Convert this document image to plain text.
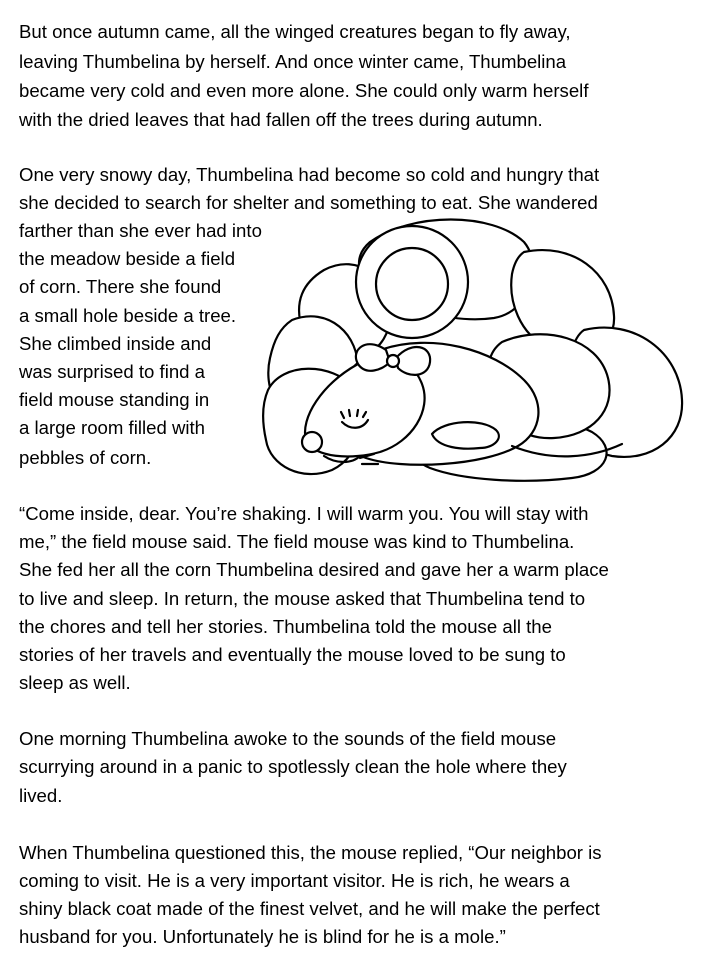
But once autumn came, all the winged creatures began to fly away,

leaving Thumbelina by herself. And once winter came, Thumbelina

became very cold and even more alone. She could only warm herself

with the dried leaves that had fallen off the trees during autumn.

One very snowy day, Thumbelina had become so cold and hungry that

she decided to search for shelter and something to eat. She wandered

farther than she ever had into

the meadow beside a field

of corn. There she found

a small hole beside a tree.

She climbed inside and

was surprised to find a

field mouse standing in

a large room filled with

pebbles of corn.

“Come inside, dear. You’re shaking. I will warm you. You will stay with

me,” the field mouse said. The field mouse was kind to Thumbelina.

She fed her all the corn Thumbelina desired and gave her a warm place

to live and sleep. In return, the mouse asked that Thumbelina tend to

the chores and tell her stories. Thumbelina told the mouse all the

stories of her travels and eventually the mouse loved to be sung to

sleep as well.

One morning Thumbelina awoke to the sounds of the field mouse

scurrying around in a panic to spotlessly clean the hole where they

lived.

When Thumbelina questioned this, the mouse replied, “Our neighbor is

coming to visit. He is a very important visitor. He is rich, he wears a

shiny black coat made of the finest velvet, and he will make the perfect

husband for you. Unfortunately he is blind for he is a mole.”
